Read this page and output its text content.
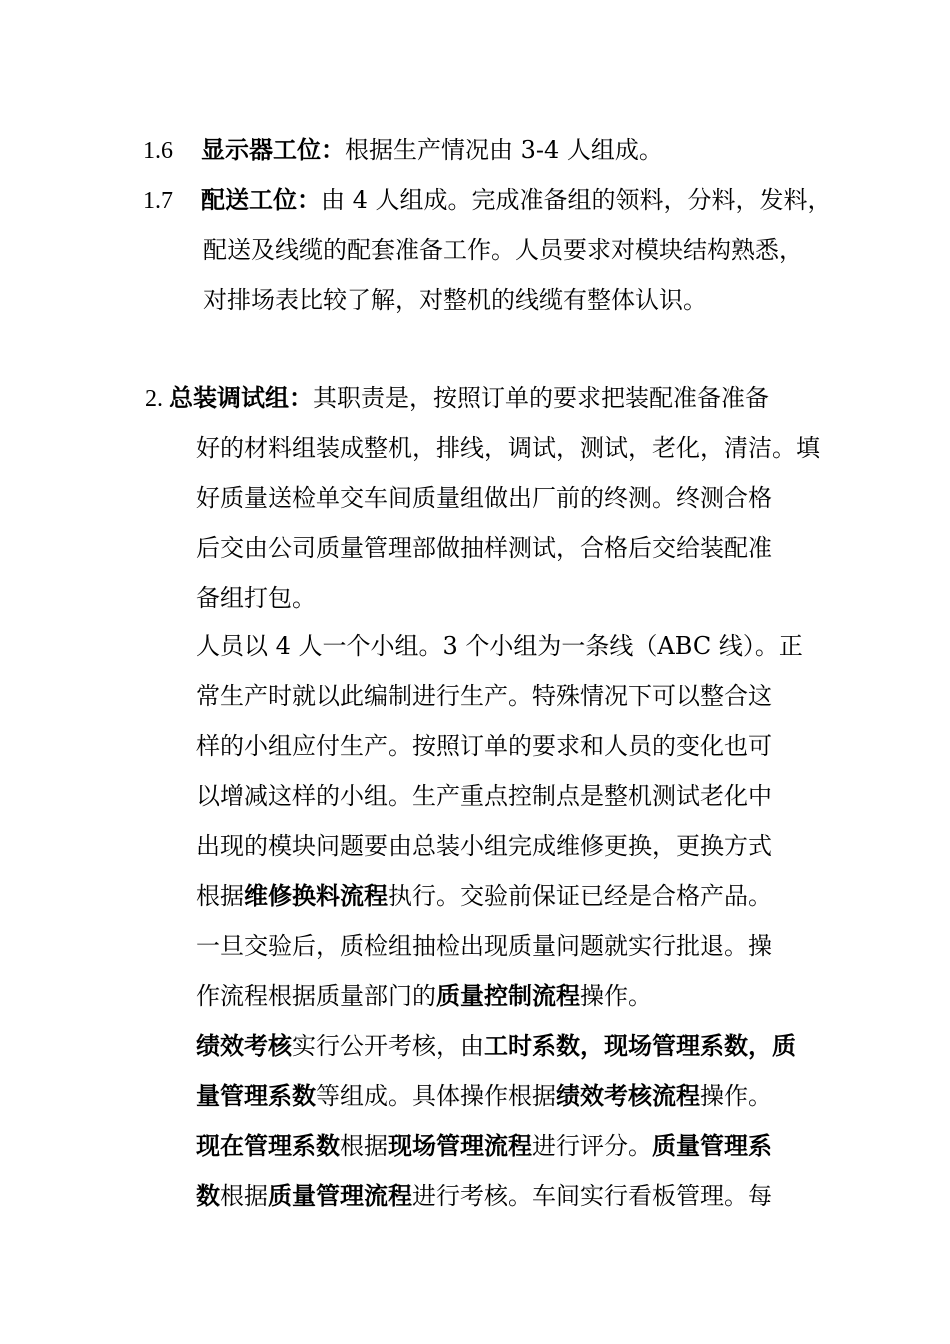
1.6 显示器工位：根据生产情况由 3-4 人组成。
1.7 配送工位：由 4 人组成。完成准备组的领料，分料，发料，
配送及线缆的配套准备工作。人员要求对模块结构熟悉，
对排场表比较了解，对整机的线缆有整体认识。
2. 总装调试组：其职责是，按照订单的要求把装配准备准备
好的材料组装成整机，排线，调试，测试，老化，清洁。填
好质量送检单交车间质量组做出厂前的终测。终测合格
后交由公司质量管理部做抽样测试，合格后交给装配准
备组打包。
人员以 4 人一个小组。3 个小组为一条线（ABC 线）。正
常生产时就以此编制进行生产。特殊情况下可以整合这
样的小组应付生产。按照订单的要求和人员的变化也可
以增减这样的小组。生产重点控制点是整机测试老化中
出现的模块问题要由总装小组完成维修更换，更换方式
根据维修换料流程执行。交验前保证已经是合格产品。
一旦交验后，质检组抽检出现质量问题就实行批退。操
作流程根据质量部门的质量控制流程操作。
绩效考核实行公开考核，由工时系数，现场管理系数，质
量管理系数等组成。具体操作根据绩效考核流程操作。
现在管理系数根据现场管理流程进行评分。质量管理系
数根据质量管理流程进行考核。车间实行看板管理。每
